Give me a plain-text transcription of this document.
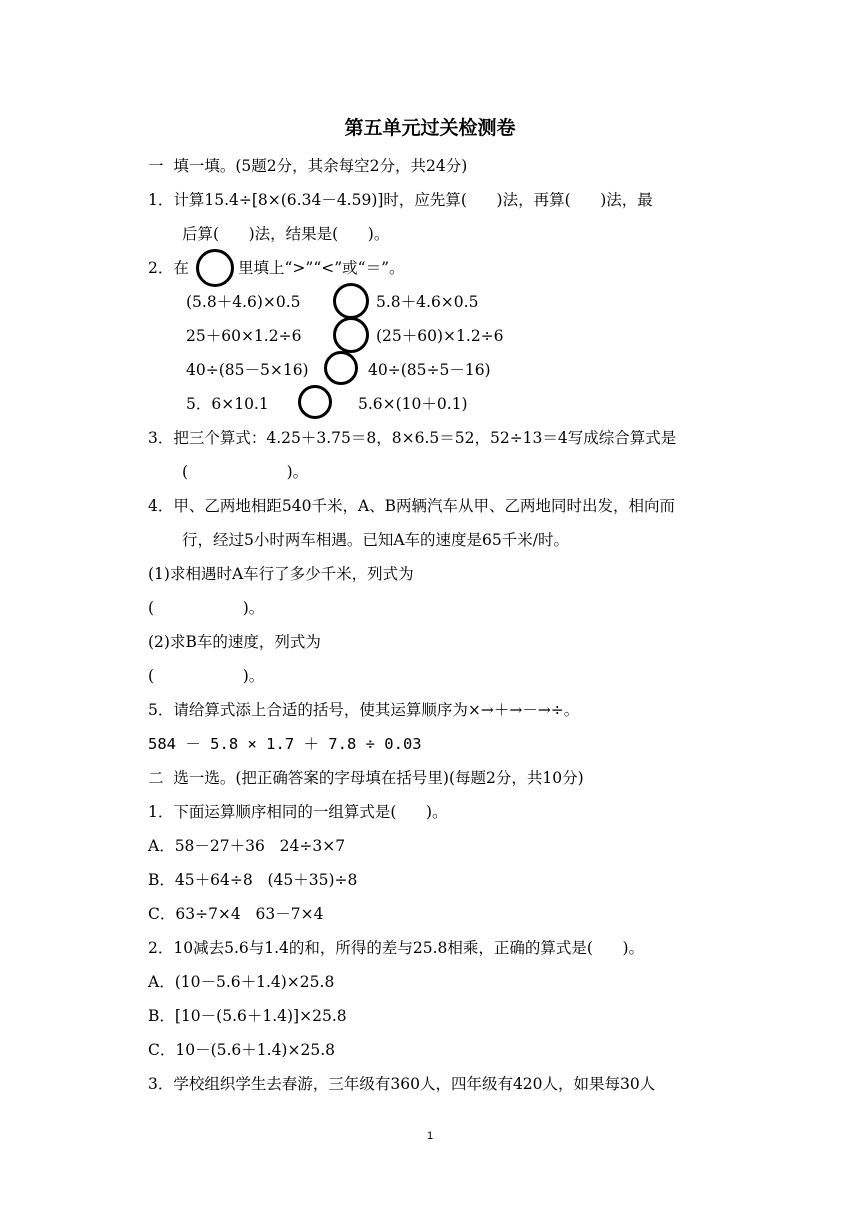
第五单元过关检测卷
一  填一填。(5题2分，其余每空2分，共24分)
1．计算15.4÷[8×(6.34－4.59)]时，应先算(      )法，再算(      )法，最
后算(      )法，结果是(      )。
2．在	里填上“>”“<”或“＝”。
(5.8＋4.6)×0.5	5.8＋4.6×0.5
25＋60×1.2÷6	(25＋60)×1.2÷6
40÷(85－5×16)	40÷(85÷5－16)
5．6×10.1	5.6×(10＋0.1)
3．把三个算式：4.25＋3.75＝8，8×6.5＝52，52÷13＝4写成综合算式是
(                    )。
4．甲、乙两地相距540千米，A、B两辆汽车从甲、乙两地同时出发，相向而
行，经过5小时两车相遇。已知A车的速度是65千米/时。
(1)求相遇时A车行了多少千米，列式为
(                  )。
(2)求B车的速度，列式为
(                  )。
5．请给算式添上合适的括号，使其运算顺序为×→＋→－→÷。
584 － 5.8 × 1.7 ＋ 7.8 ÷ 0.03
二  选一选。(把正确答案的字母填在括号里)(每题2分，共10分)
1．下面运算顺序相同的一组算式是(      )。
A．58－27＋36   24÷3×7
B．45＋64÷8   (45＋35)÷8
C．63÷7×4   63－7×4
2．10减去5.6与1.4的和，所得的差与25.8相乘，正确的算式是(      )。
A．(10－5.6＋1.4)×25.8
B．[10－(5.6＋1.4)]×25.8
C．10－(5.6＋1.4)×25.8
3．学校组织学生去春游，三年级有360人，四年级有420人，如果每30人
1
